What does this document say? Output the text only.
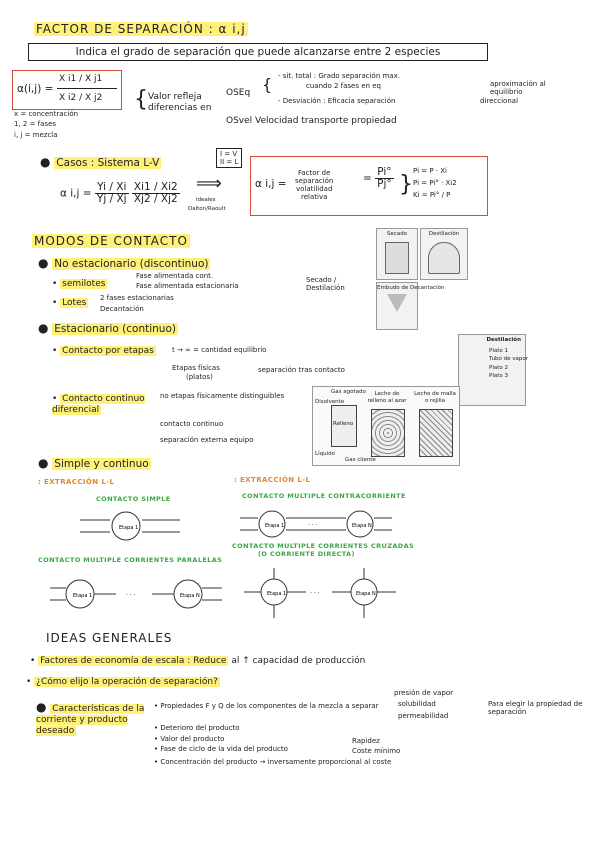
FACTOR DE SEPARACIÓN : α i,j
Indica el grado de separación que puede alcanzarse entre 2 especies
α(i,j) =
X i1 / X j1
X i2 / X j2
x = concentración
1, 2 = fases
i, j = mezcla
{ Valor refleja diferencias en
OSEq { - sit. total : Grado separación max.
cuando 2 fases en eq	aproximación al equilibrio
- Desviación : Eficacia separación	direccional
OSvel Velocidad transporte propiedad
● Casos : Sistema L-V
I = V
II = L
α $i,j = \frac{Yi / Xi}{Yj / Xj}$
$\frac{Xi1 / Xi2}{Xj2 / Xj2}$ ⟹
ideales
Dalton/Raoult
α i,j =
Factor de
separación
volatilidad
relativa
= $\frac{Pi^\circ}{Pj^\circ}$ }
Pi = P · Xi
Pi = Pi° · Xi2
Ki = Pi° / P
MODOS DE CONTACTO
● No estacionario (discontinuo)
• semilotes
Fase alimentada cont.
Fase alimentada estacionaria
Secado / Destilación
• Lotes 2 fases estacionarias
Decantación
● Estacionario (continuo)
• Contacto por etapas	t → ∞ = cantidad equilibrio
Etapas físicas
(platos)
separación tras contacto
• Contacto continuo diferencial
no etapas físicamente distinguibles
contacto continuo
separación externa equipo
● Simple y continuo
Secado	Destilación
Embudo de Decantación
Destilación
Plato 1
Tubo de vapor
Plato 2
Plato 3
Disolvente
Gas agotado
Relleno
Líquido
Gas cliente
Lecho de relleno al azar
Lecho de malla o rejilla
: EXTRACCIÓN L-L
CONTACTO SIMPLE
Etapa 1
CONTACTO MULTIPLE CORRIENTES PARALELAS
· · ·
Etapa 1	Etapa N
: EXTRACCIÓN L-L
CONTACTO MULTIPLE CONTRACORRIENTE
· · ·
Etapa 1	Etapa N
CONTACTO MULTIPLE CORRIENTES CRUZADAS
(O CORRIENTE DIRECTA)
· · ·
Etapa 1	Etapa N
IDEAS GENERALES
• Factores de economía de escala : Reduce al ↑ capacidad de producción
• ¿Cómo elijo la operación de separación?
● Características de la corriente y producto deseado
• Propiedades F y Q de los componentes de la mezcla a separar
presión de vapor
solubilidad
permeabilidad
Para elegir la propiedad de separación
• Deterioro del producto
• Valor del producto
• Fase de ciclo de la vida del producto
Rapidez
Coste mínimo
• Concentración del producto → inversamente proporcional al coste
